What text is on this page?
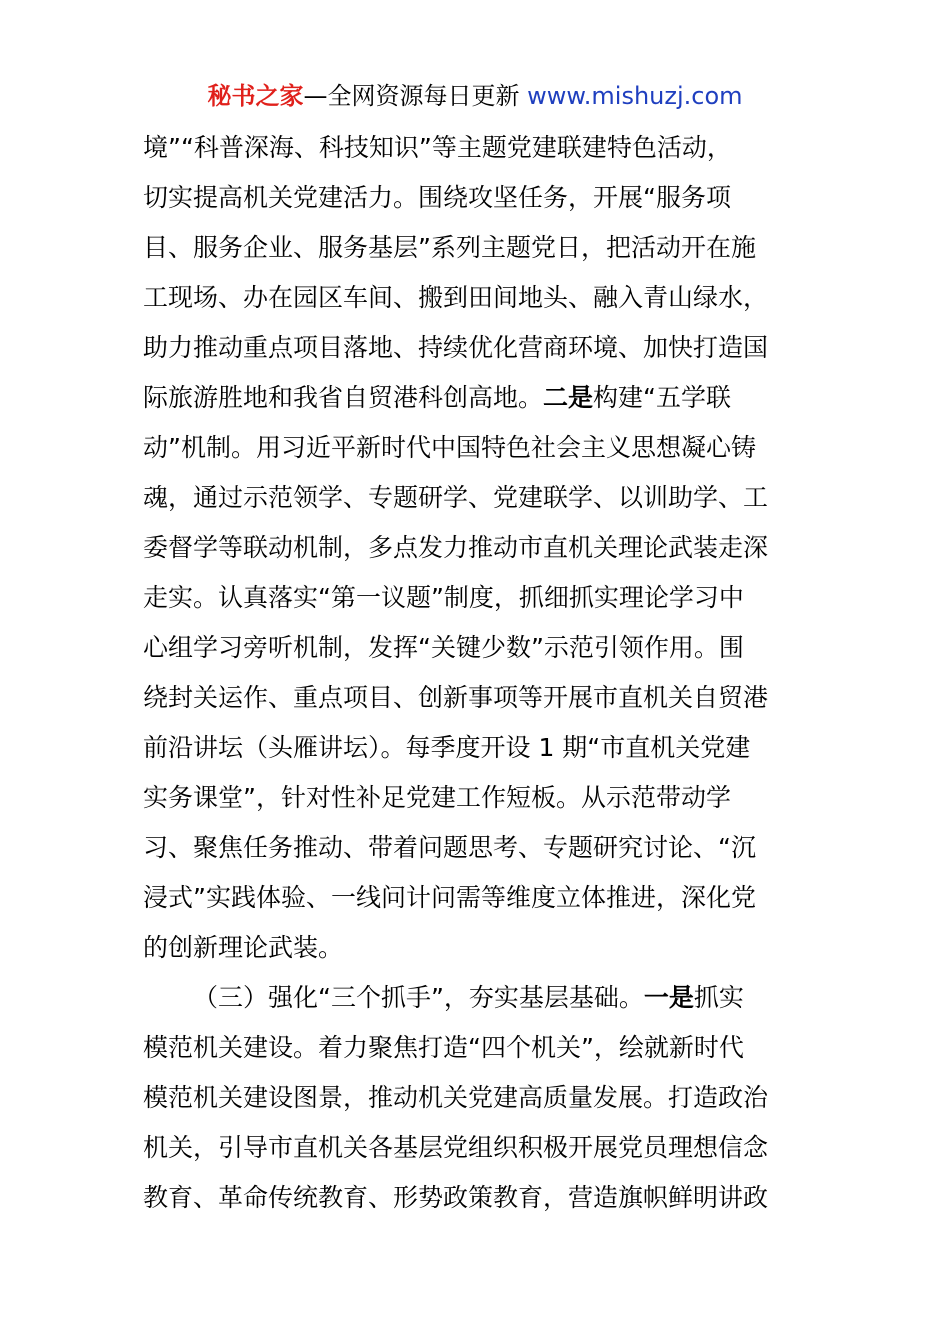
秘书之家—全网资源每日更新 www.mishuzj.com
境”“科普深海、科技知识”等主题党建联建特色活动，
切实提高机关党建活力。围绕攻坚任务，开展“服务项
目、服务企业、服务基层”系列主题党日，把活动开在施
工现场、办在园区车间、搬到田间地头、融入青山绿水，
助力推动重点项目落地、持续优化营商环境、加快打造国
际旅游胜地和我省自贸港科创高地。二是构建“五学联
动”机制。用习近平新时代中国特色社会主义思想凝心铸
魂，通过示范领学、专题研学、党建联学、以训助学、工
委督学等联动机制，多点发力推动市直机关理论武装走深
走实。认真落实“第一议题”制度，抓细抓实理论学习中
心组学习旁听机制，发挥“关键少数”示范引领作用。围
绕封关运作、重点项目、创新事项等开展市直机关自贸港
前沿讲坛（头雁讲坛）。每季度开设 1 期“市直机关党建
实务课堂”，针对性补足党建工作短板。从示范带动学
习、聚焦任务推动、带着问题思考、专题研究讨论、“沉
浸式”实践体验、一线问计问需等维度立体推进，深化党
的创新理论武装。
（三）强化“三个抓手”，夯实基层基础。一是抓实
模范机关建设。着力聚焦打造“四个机关”，绘就新时代
模范机关建设图景，推动机关党建高质量发展。打造政治
机关，引导市直机关各基层党组织积极开展党员理想信念
教育、革命传统教育、形势政策教育，营造旗帜鲜明讲政
